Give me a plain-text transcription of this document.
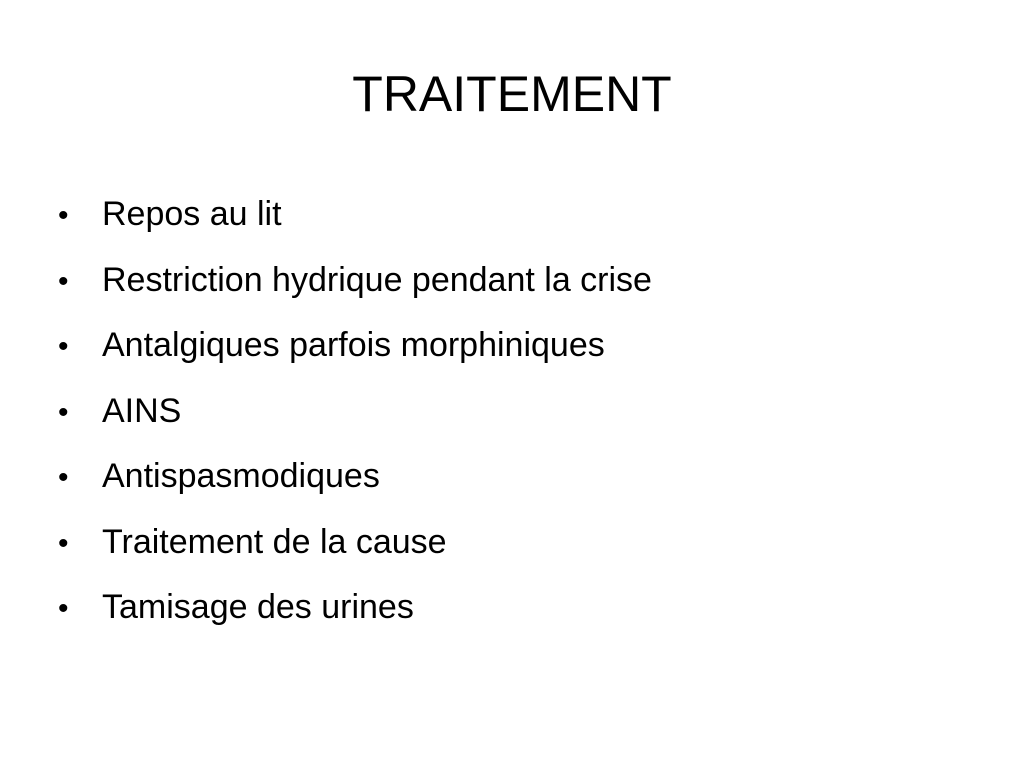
TRAITEMENT
• Repos au lit
• Restriction hydrique pendant la crise
• Antalgiques parfois morphiniques
• AINS
• Antispasmodiques
• Traitement de la cause
• Tamisage des urines
